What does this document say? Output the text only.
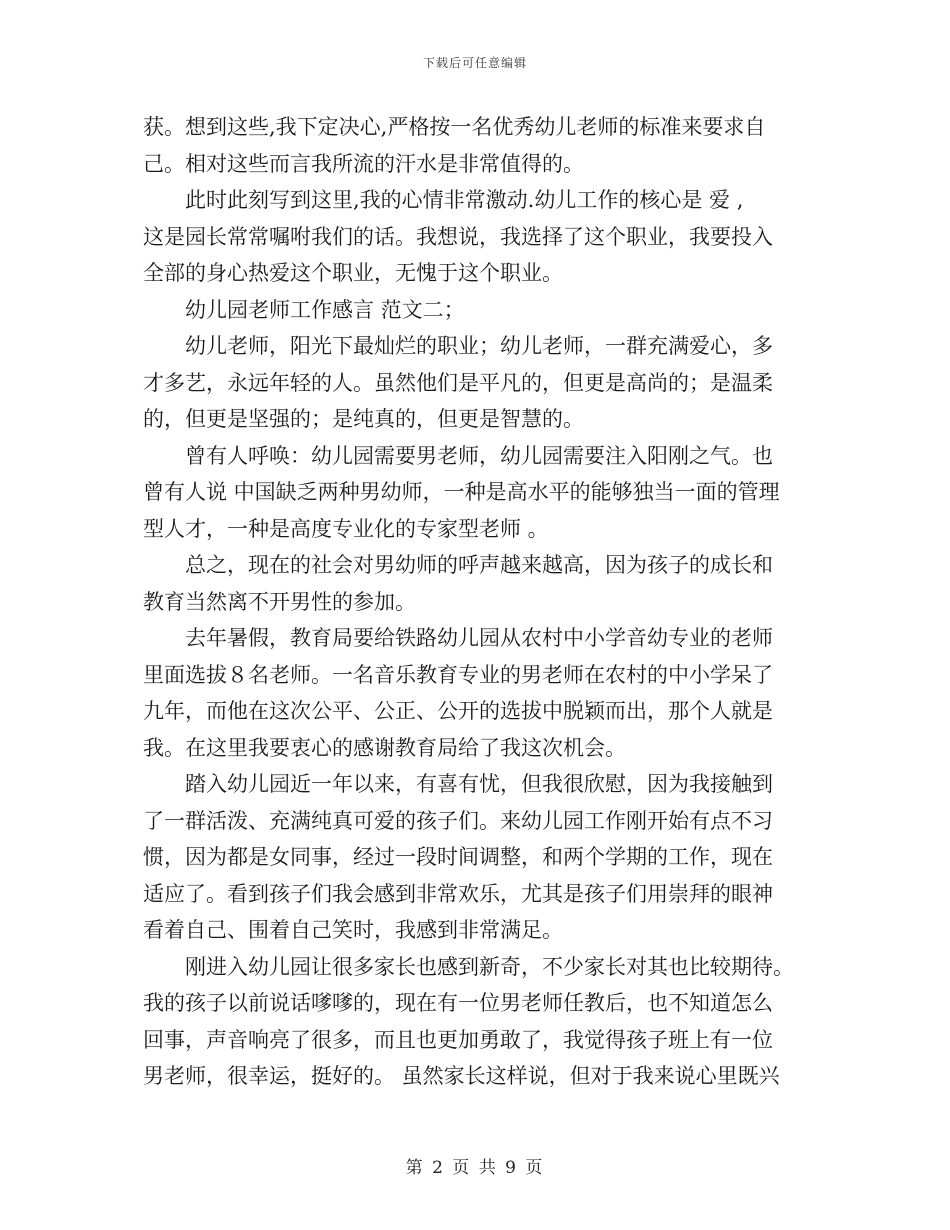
下载后可任意编辑
获。想到这些,我下定决心,严格按一名优秀幼儿老师的标准来要求自
己。相对这些而言我所流的汗水是非常值得的。
此时此刻写到这里,我的心情非常激动.幼儿工作的核心是 爱 ,
这是园长常常嘱咐我们的话。我想说，我选择了这个职业，我要投入
全部的身心热爱这个职业，无愧于这个职业。
幼儿园老师工作感言 范文二；
幼儿老师，阳光下最灿烂的职业；幼儿老师，一群充满爱心，多
才多艺，永远年轻的人。虽然他们是平凡的，但更是高尚的；是温柔
的，但更是坚强的；是纯真的，但更是智慧的。
曾有人呼唤：幼儿园需要男老师，幼儿园需要注入阳刚之气。也
曾有人说 中国缺乏两种男幼师，一种是高水平的能够独当一面的管理
型人才，一种是高度专业化的专家型老师 。
总之，现在的社会对男幼师的呼声越来越高，因为孩子的成长和
教育当然离不开男性的参加。
去年暑假，教育局要给铁路幼儿园从农村中小学音幼专业的老师
里面选拔８名老师。一名音乐教育专业的男老师在农村的中小学呆了
九年，而他在这次公平、公正、公开的选拔中脱颖而出，那个人就是
我。在这里我要衷心的感谢教育局给了我这次机会。
踏入幼儿园近一年以来，有喜有忧，但我很欣慰，因为我接触到
了一群活泼、充满纯真可爱的孩子们。来幼儿园工作刚开始有点不习
惯，因为都是女同事，经过一段时间调整，和两个学期的工作，现在
适应了。看到孩子们我会感到非常欢乐，尤其是孩子们用崇拜的眼神
看着自己、围着自己笑时，我感到非常满足。
刚进入幼儿园让很多家长也感到新奇，不少家长对其也比较期待。
我的孩子以前说话嗲嗲的，现在有一位男老师任教后，也不知道怎么
回事，声音响亮了很多，而且也更加勇敢了，我觉得孩子班上有一位
男老师，很幸运，挺好的。 虽然家长这样说，但对于我来说心里既兴
第 2 页 共 9 页
